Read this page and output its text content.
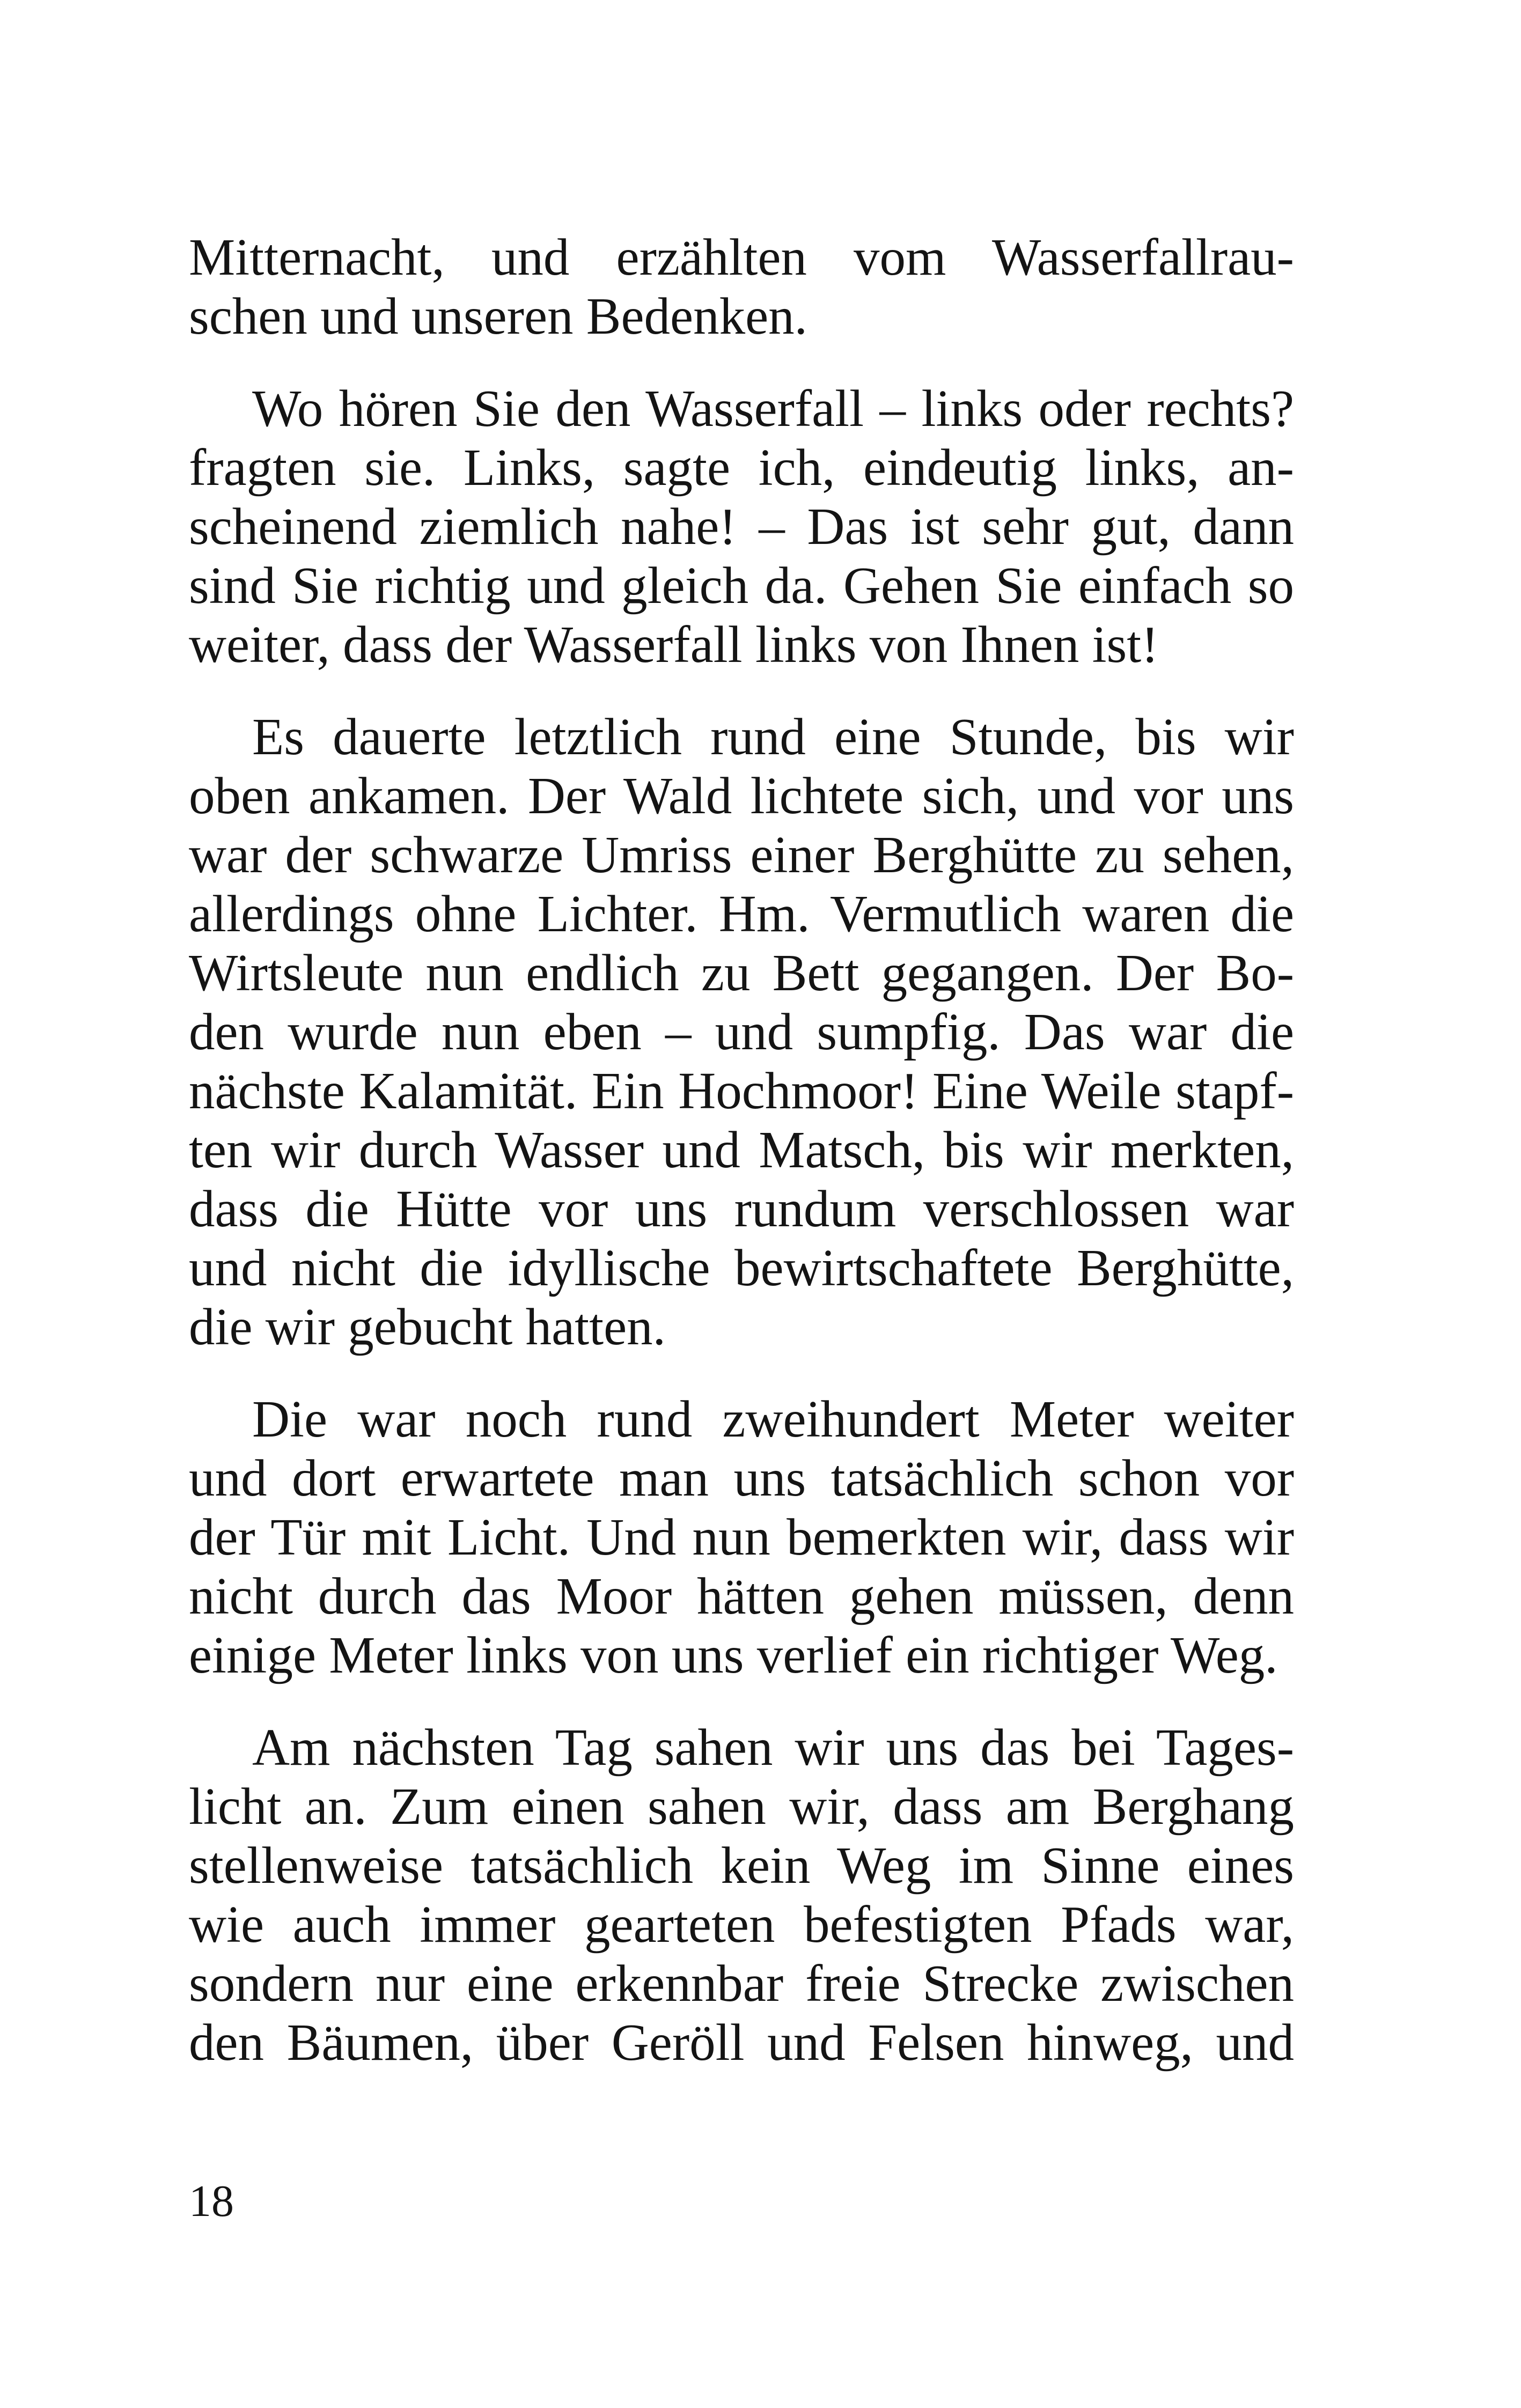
Mitternacht, und erzählten vom Wasserfallrau-
schen und unseren Bedenken.

Wo hören Sie den Wasserfall – links oder rechts?
fragten sie. Links, sagte ich, eindeutig links, an-
scheinend ziemlich nahe! – Das ist sehr gut, dann
sind Sie richtig und gleich da. Gehen Sie einfach so
weiter, dass der Wasserfall links von Ihnen ist!

Es dauerte letztlich rund eine Stunde, bis wir
oben ankamen. Der Wald lichtete sich, und vor uns
war der schwarze Umriss einer Berghütte zu sehen,
allerdings ohne Lichter. Hm. Vermutlich waren die
Wirtsleute nun endlich zu Bett gegangen. Der Bo-
den wurde nun eben – und sumpfig. Das war die
nächste Kalamität. Ein Hochmoor! Eine Weile stapf-
ten wir durch Wasser und Matsch, bis wir merkten,
dass die Hütte vor uns rundum verschlossen war
und nicht die idyllische bewirtschaftete Berghütte,
die wir gebucht hatten.

Die war noch rund zweihundert Meter weiter
und dort erwartete man uns tatsächlich schon vor
der Tür mit Licht. Und nun bemerkten wir, dass wir
nicht durch das Moor hätten gehen müssen, denn
einige Meter links von uns verlief ein richtiger Weg.

Am nächsten Tag sahen wir uns das bei Tages-
licht an. Zum einen sahen wir, dass am Berghang
stellenweise tatsächlich kein Weg im Sinne eines
wie auch immer gearteten befestigten Pfads war,
sondern nur eine erkennbar freie Strecke zwischen
den Bäumen, über Geröll und Felsen hinweg, und

18
